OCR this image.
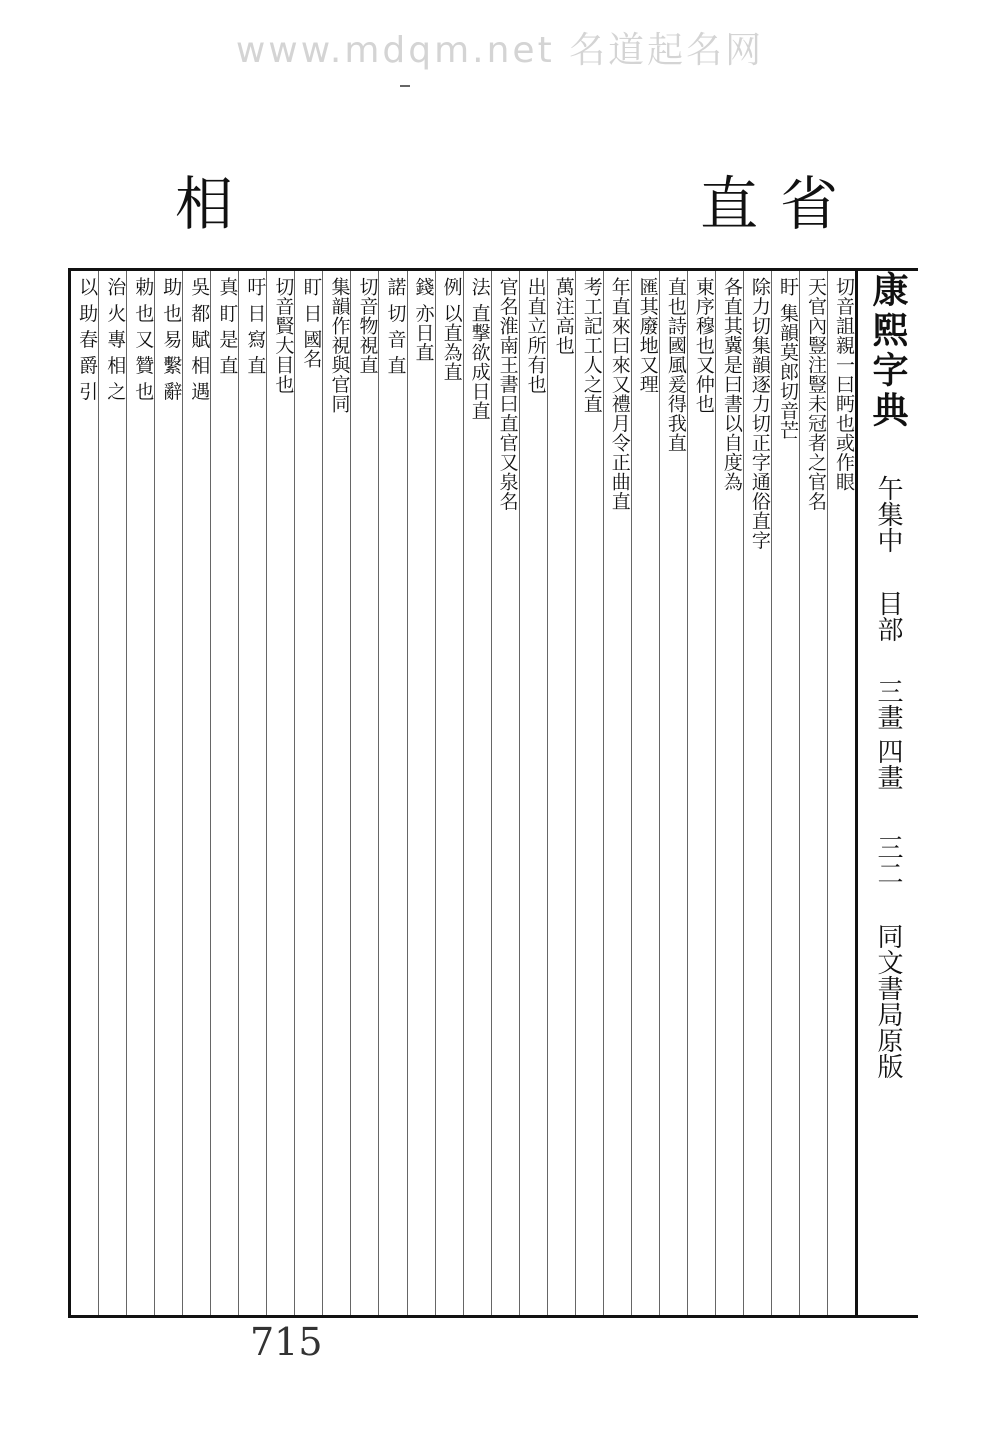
www.mdqm.net 名道起名网
省
直
相
康熙字典 午集中 目部 三畫 四畫 三二 同文書局原版
切音詛親一曰眄也或作眼
天官內豎注豎未冠者之官名
盱 集韻莫郎切音芒
除力切集韻逐力切正字通俗直字
各直其冀是曰書以自度為
東序穆也又仲也
直也詩國風爰得我直
匯其廢地又理
年直來曰來又禮月令正曲直
考工記工人之直
萬注高也
出直立所有也
官名淮南王書曰直官又泉名
法 直撃欲成日直
例 以直為直
錢 亦日直
諾 切 音 直
切音物視直
集韻作視與官同
盯 日 國名
切音賢大目也
吁 日 寫 直
真 盯 是 直
吳 都 賦 相 遇
助 也 易 繫 辭
勅 也 又 贊 也
治 火 專 相 之
以 助 春 爵 引
715
